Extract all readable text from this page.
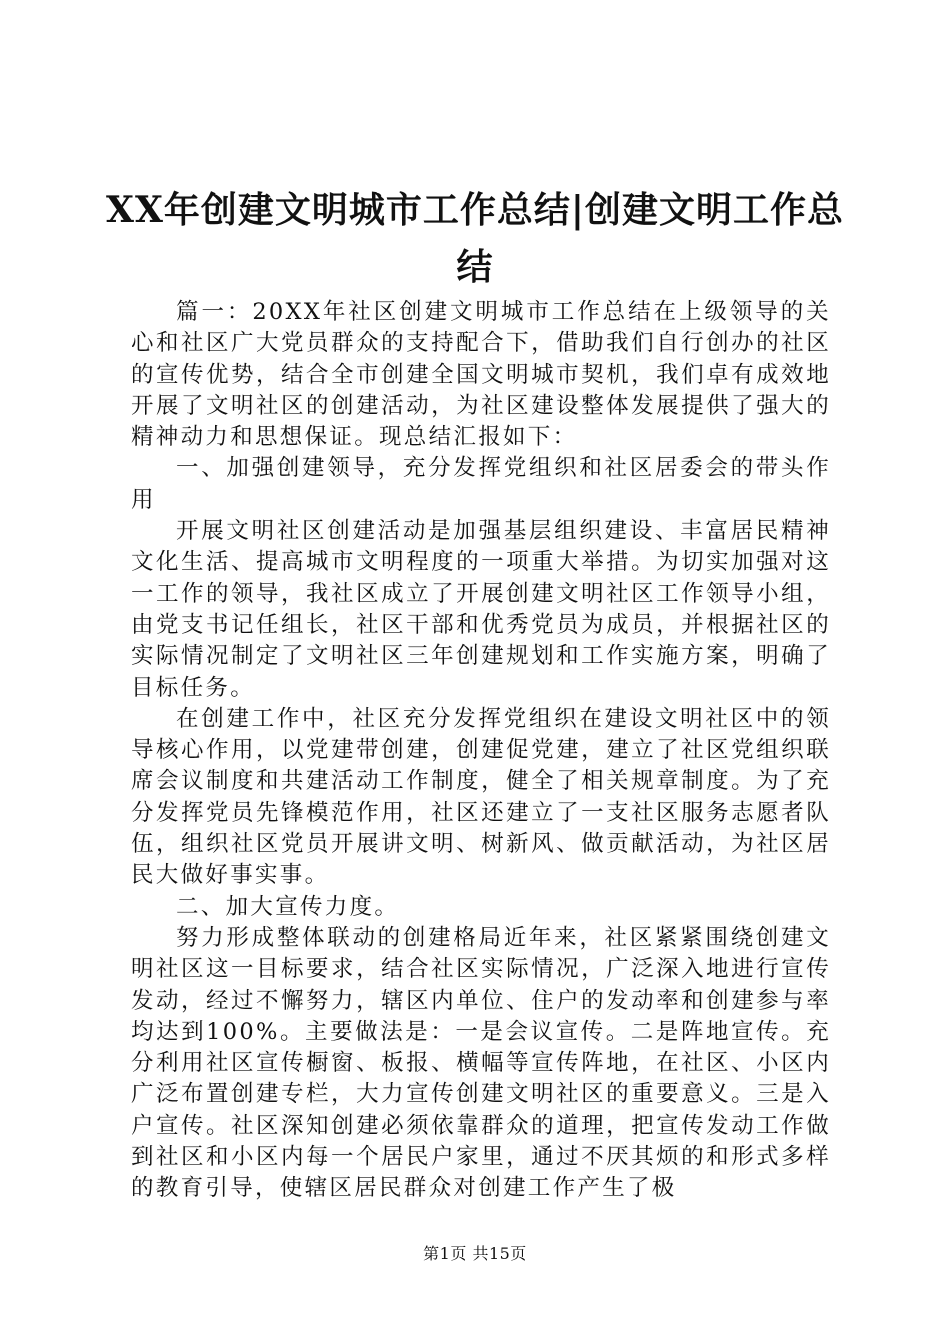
XX年创建文明城市工作总结|创建文明工作总
结

篇一：20XX年社区创建文明城市工作总结在上级领导的关心和社区广大党员群众的支持配合下，借助我们自行创办的社区的宣传优势，结合全市创建全国文明城市契机，我们卓有成效地开展了文明社区的创建活动，为社区建设整体发展提供了强大的精神动力和思想保证。现总结汇报如下：

一、加强创建领导，充分发挥党组织和社区居委会的带头作用

开展文明社区创建活动是加强基层组织建设、丰富居民精神文化生活、提高城市文明程度的一项重大举措。为切实加强对这一工作的领导，我社区成立了开展创建文明社区工作领导小组，由党支书记任组长，社区干部和优秀党员为成员，并根据社区的实际情况制定了文明社区三年创建规划和工作实施方案，明确了目标任务。

在创建工作中，社区充分发挥党组织在建设文明社区中的领导核心作用，以党建带创建，创建促党建，建立了社区党组织联席会议制度和共建活动工作制度，健全了相关规章制度。为了充分发挥党员先锋模范作用，社区还建立了一支社区服务志愿者队伍，组织社区党员开展讲文明、树新风、做贡献活动，为社区居民大做好事实事。

二、加大宣传力度。

努力形成整体联动的创建格局近年来，社区紧紧围绕创建文明社区这一目标要求，结合社区实际情况，广泛深入地进行宣传发动，经过不懈努力，辖区内单位、住户的发动率和创建参与率均达到100%。主要做法是：一是会议宣传。二是阵地宣传。充分利用社区宣传橱窗、板报、横幅等宣传阵地，在社区、小区内广泛布置创建专栏，大力宣传创建文明社区的重要意义。三是入户宣传。社区深知创建必须依靠群众的道理，把宣传发动工作做到社区和小区内每一个居民户家里，通过不厌其烦的和形式多样的教育引导，使辖区居民群众对创建工作产生了极

第1页 共15页
